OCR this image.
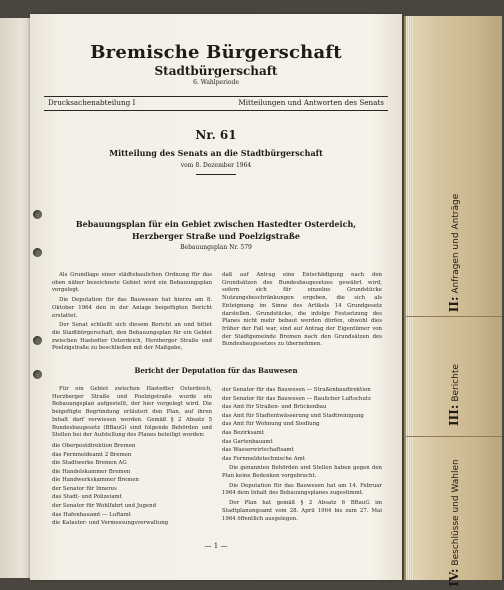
Bremische Bürgerschaft
Stadtbürgerschaft
6. Wahlperiode
Drucksachenabteilung I	Mitteilungen und Antworten des Senats
Nr. 61
Mitteilung des Senats an die Stadtbürgerschaft
vom 8. Dezember 1964
Bebauungsplan für ein Gebiet zwischen Hastedter Osterdeich, Herzberger Straße und Poelzigstraße
Bebauungsplan Nr. 579

Als Grundlage einer städtebaulichen Ordnung für das oben näher bezeichnete Gebiet wird ein Bebauungsplan vorgelegt.

Die Deputation für das Bauwesen hat hierzu am 8. Oktober 1964 den in der Anlage beigefügten Bericht erstattet.

Der Senat schließt sich diesem Bericht an und bittet die Stadtbürgerschaft, den Bebauungsplan für ein Gebiet zwischen Hastedter Osterdeich, Herzberger Straße und Poelzigstraße zu beschließen mit der Maßgabe,

daß auf Antrag eine Entschädigung nach den Grundsätzen des Bundesbaugesetzes gewährt wird, sofern sich für einzelne Grundstücke Nutzungsbeschränkungen ergeben, die sich als Enteignung im Sinne des Artikels 14 Grundgesetz darstellen. Grundstücke, die infolge Festsetzung des Planes nicht mehr bebaut werden dürfen, obwohl dies früher der Fall war, sind auf Antrag der Eigentümer von der Stadtgemeinde Bremen nach den Grundsätzen des Bundesbaugesetzes zu übernehmen.

Bericht der Deputation für das Bauwesen

Für ein Gebiet zwischen Hastedter Osterdeich, Herzberger Straße und Poelzigstraße wurde ein Bebauungsplan aufgestellt, der hier vorgelegt wird. Die beigefügte Begründung erläutert den Plan, auf ihren Inhalt darf verwiesen werden. Gemäß § 2 Absatz 5 Bundesbaugesetz (BBauG) sind folgende Behörden und Stellen bei der Aufstellung des Planes beteiligt worden:

die Oberpostdirektion Bremen
das Fernmeldeamt 2 Bremen
die Stadtwerke Bremen AG
die Handelskammer Bremen
die Handwerkskammer Bremen
der Senator für Inneres
das Stadt- und Polizeiamt
der Senator für Wohlfahrt und Jugend
das Hafenbauamt — Luftamt
die Kataster- und Vermessungsverwaltung
der Senator für das Bauwesen — Straßenbaudirektion
der Senator für das Bauwesen — Baulicher Luftschutz
das Amt für Straßen- und Brückenbau
das Amt für Stadtentwässerung und Stadtreinigung
das Amt für Wohnung und Siedlung
das Bezirksamt
das Gartenbauamt
das Wasserwirtschaftsamt
das Fernmeldetechnische Amt

Die genannten Behörden und Stellen haben gegen den Plan keine Bedenken vorgebracht.

Die Deputation für das Bauwesen hat am 14. Februar 1964 dem Inhalt des Bebauungsplanes zugestimmt.

Der Plan hat gemäß § 2 Absatz 6 BBauG im Stadtplanungsamt vom 28. April 1964 bis zum 27. Mai 1964 öffentlich ausgelegen.

— 1 —
II:Anfragen und Anträge
III:Berichte
IV:Beschlüsse und Wahlen
